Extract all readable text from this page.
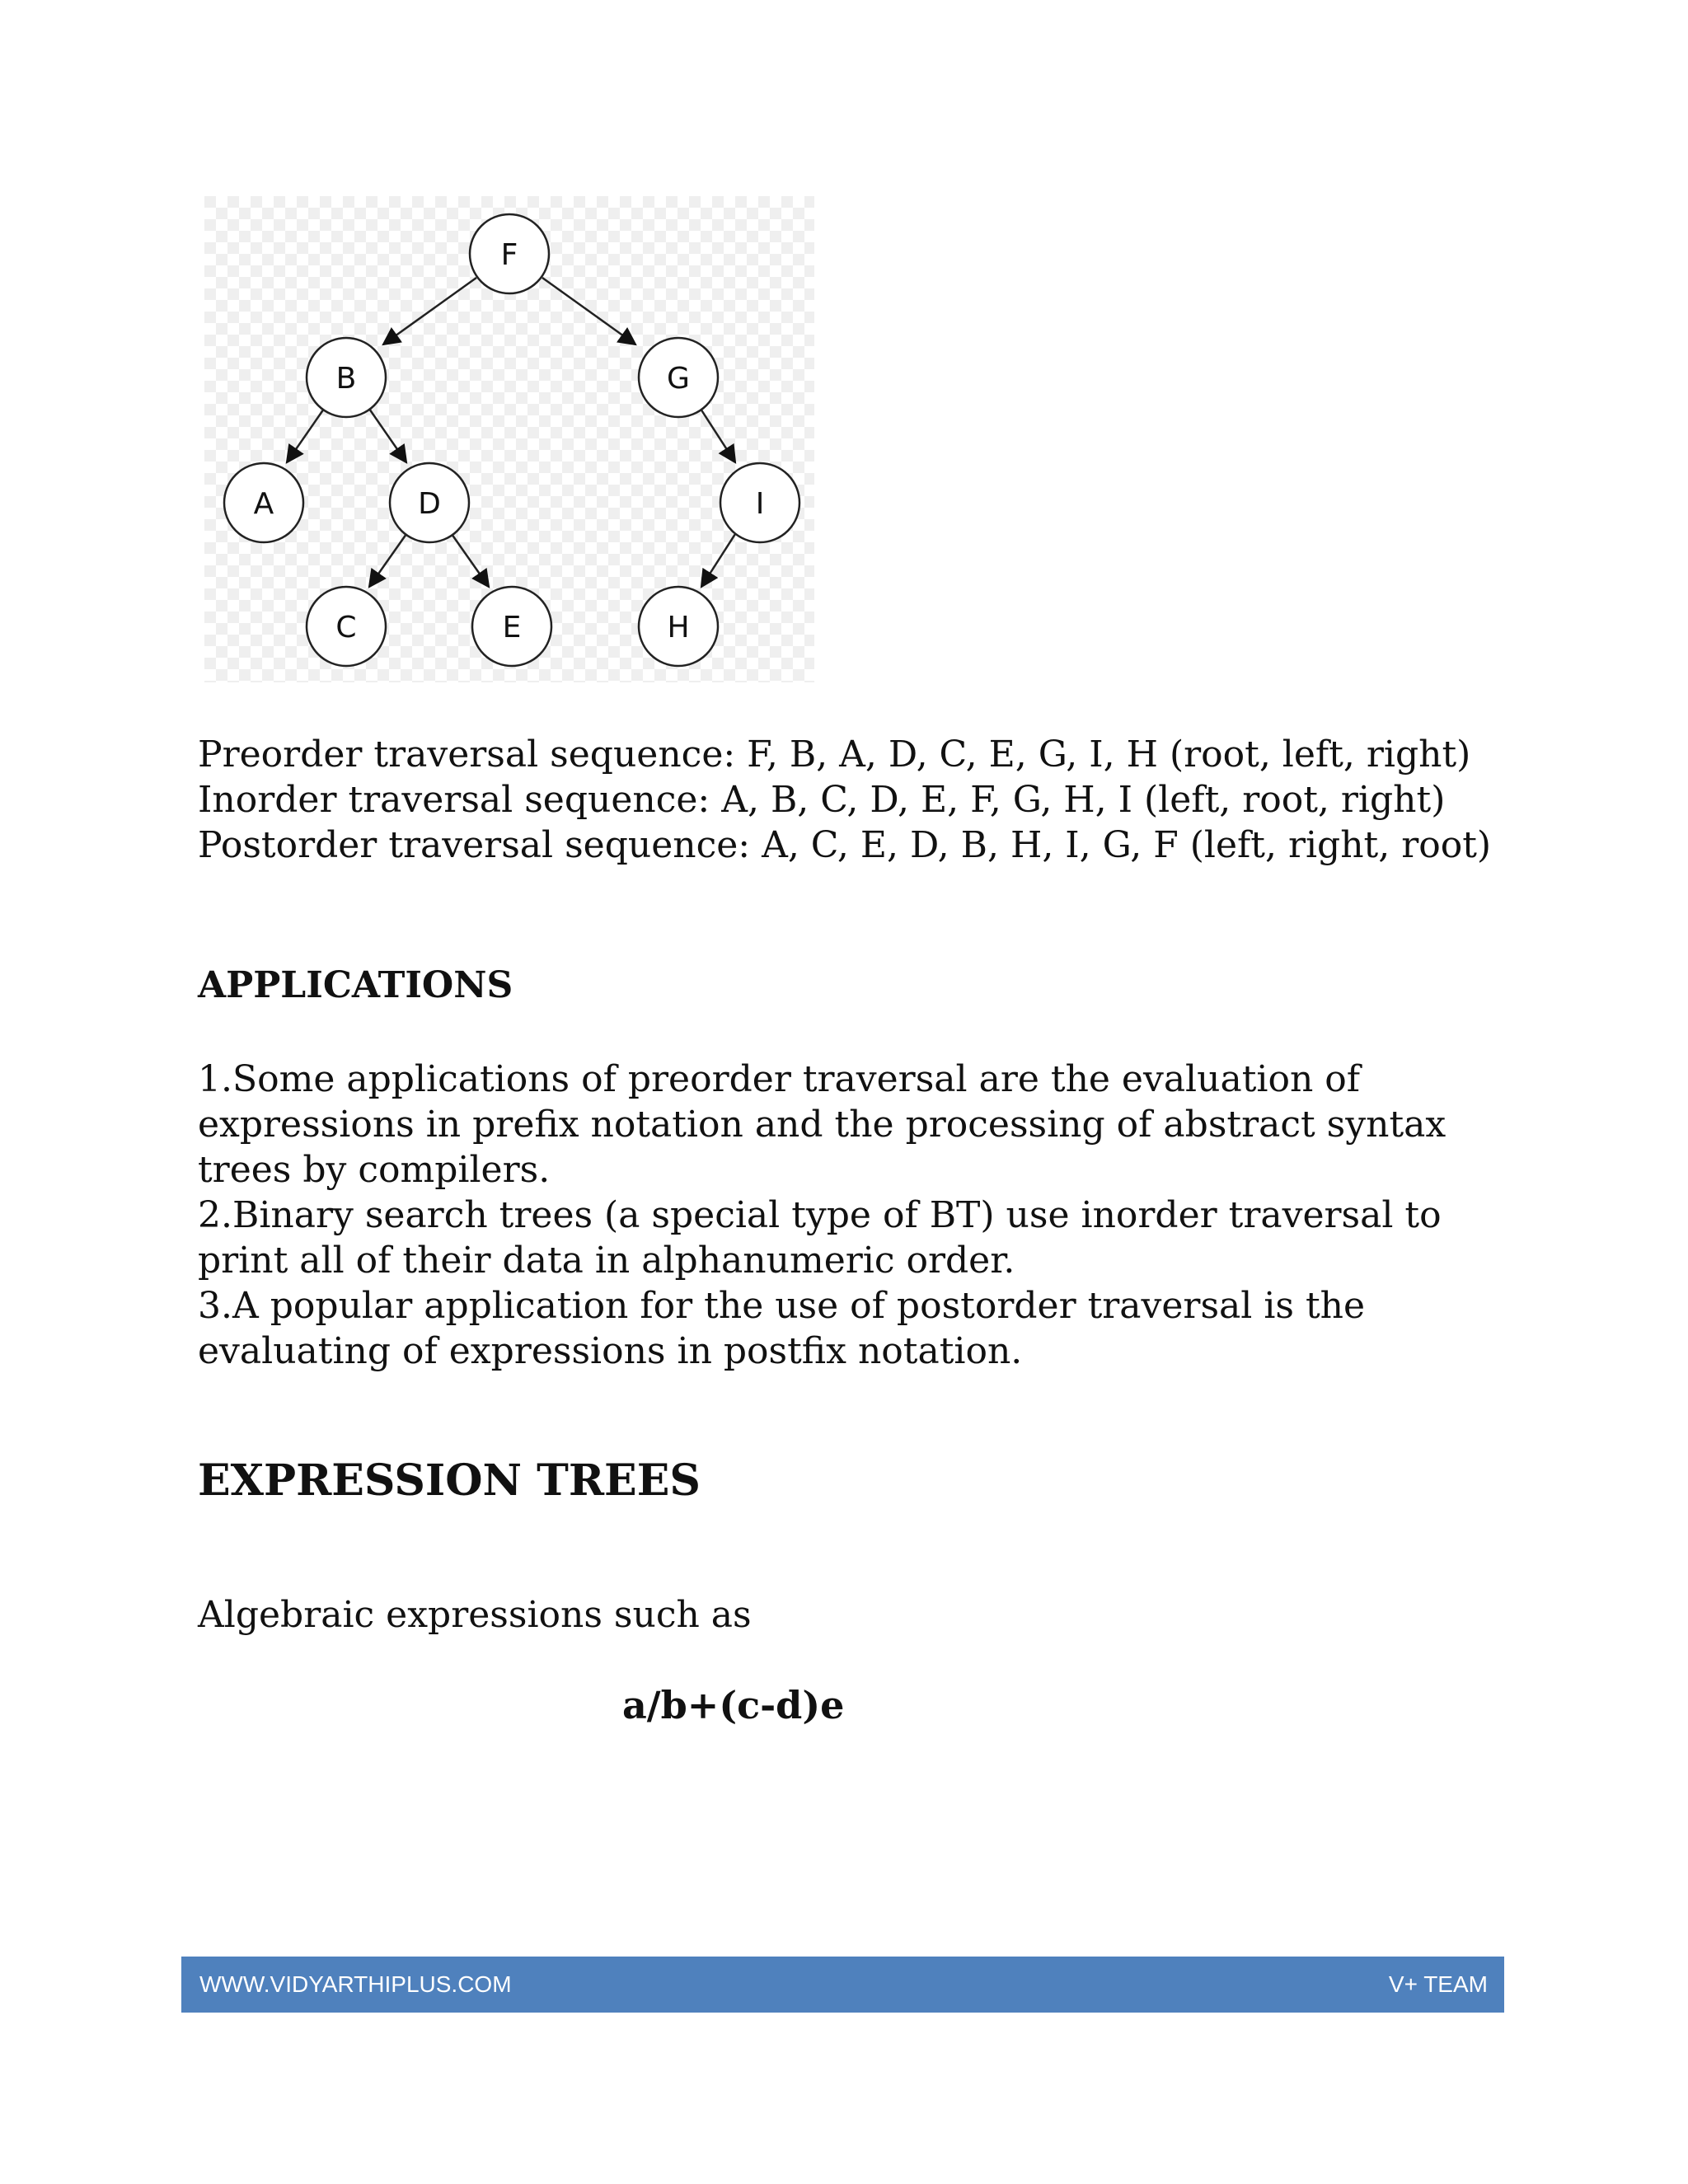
F
B	G
A	D	I
C	E	H

Preorder traversal sequence: F, B, A, D, C, E, G, I, H (root, left, right)

Inorder traversal sequence: A, B, C, D, E, F, G, H, I (left, root, right)

Postorder traversal sequence: A, C, E, D, B, H, I, G, F (left, right, root)

APPLICATIONS

1.Some applications of preorder traversal are the evaluation of expressions in prefix notation and the processing of abstract syntax trees by compilers.

2.Binary search trees (a special type of BT) use inorder traversal to print all of their data in alphanumeric order.

3.A popular application for the use of postorder traversal is the evaluating of expressions in postfix notation.

EXPRESSION TREES

Algebraic expressions such as

a/b+(c-d)e

WWW.VIDYARTHIPLUS.COM	V+ TEAM
